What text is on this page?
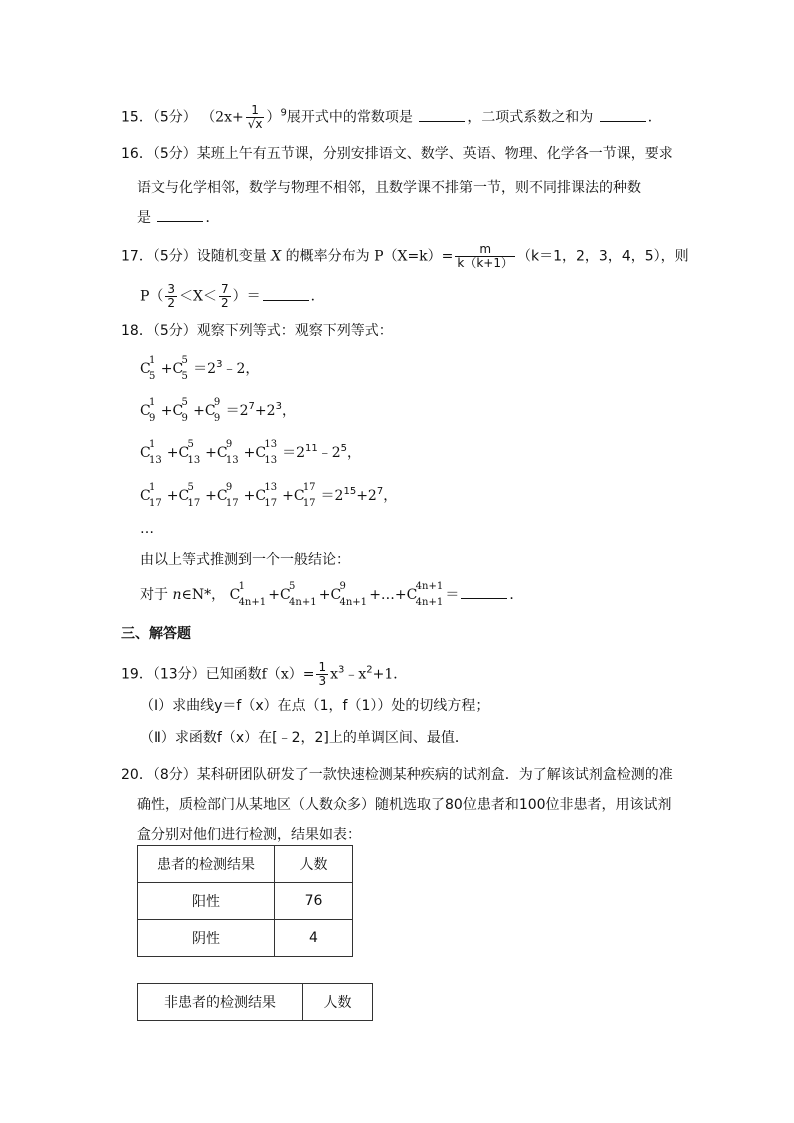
15．（5分） $(2x+ \frac{1}{√x} )^9$展开式中的常数项是	，二项式系数之和为	．
16．（5分）某班上午有五节课，分别安排语文、数学、英语、物理、化学各一节课，要求
语文与化学相邻，数学与物理不相邻，且数学课不排第一节，则不同排课法的种数
是	．
17．（5分）设随机变量 X 的概率分布为 $P(X=k)= \frac{m}{k(k+1)} (k=1$，2，3，4，5），则
$P( \frac{3}{2} <X< \frac{7}{2}$ ）＝	．
18．（5分）观察下列等式：观察下列等式：
C
1
5 +C
5
$5 =2^3﹣2$，
C
1
9 +C
5
9 +C
9
$9 =2^7+2^3$，
C
1
13 +C
5
13 +C
9
13 +C
13
$13 =2^{11}﹣2^5$，
C
1
17 +C
5
17 +C
9
17 +C
13
17 +C
17
$17 =2^{15}+2^7$，
…
由以上等式推测到一个一般结论：
对于 n∈N*， C
1
4n+1 +C
5
4n+1 +C
9
4n+1 +…+C
4n+1
4n+1 ＝	．
三、解答题
19．（13分）已知函数$f(x)= \frac{1}{3}$ $x^3﹣x^2+1$．
（Ⅰ）求曲线y＝f（x）在点（1，f（1））处的切线方程；
（Ⅱ）求函数f（x）在[﹣2，2]上的单调区间、最值．
20．（8分）某科研团队研发了一款快速检测某种疾病的试剂盒．为了解该试剂盒检测的准
确性，质检部门从某地区（人数众多）随机选取了80位患者和100位非患者，用该试剂
盒分别对他们进行检测，结果如表：
患者的检测结果	人数
阳性	76
阴性	4
非患者的检测结果	人数
